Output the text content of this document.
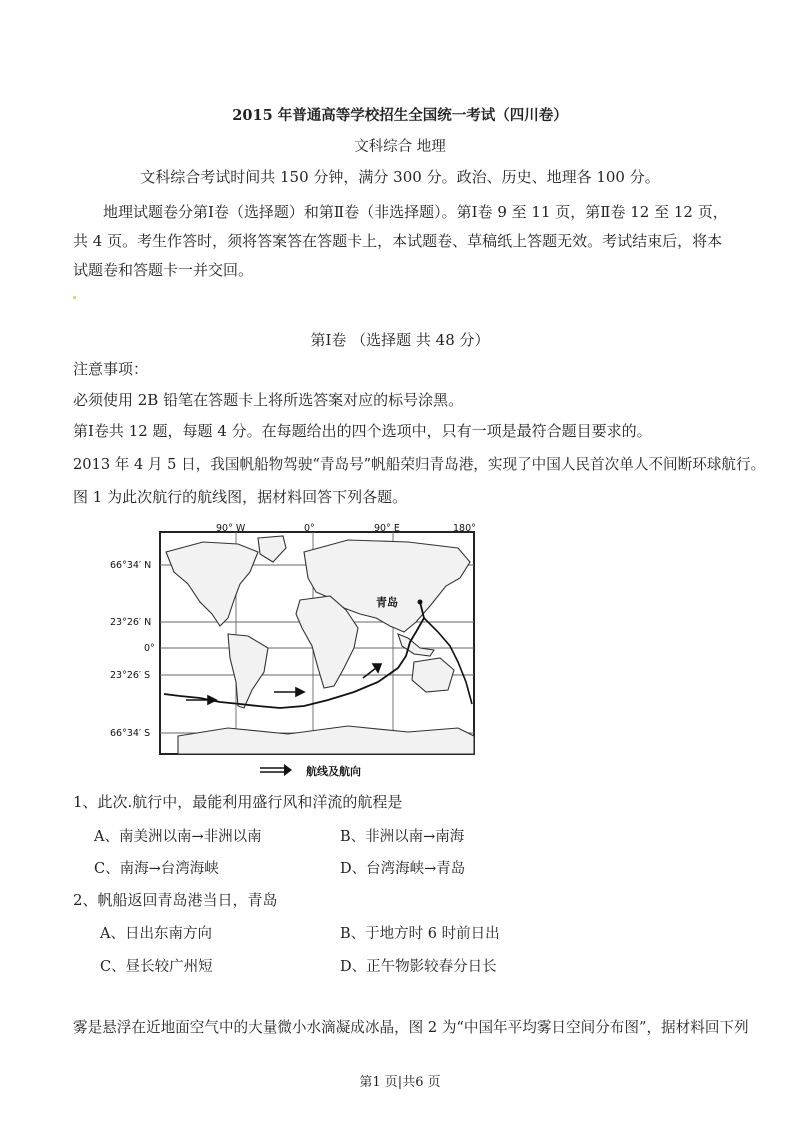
2015 年普通高等学校招生全国统一考试（四川卷）
文科综合 地理
文科综合考试时间共 150 分钟，满分 300 分。政治、历史、地理各 100 分。
地理试题卷分第Ⅰ卷（选择题）和第Ⅱ卷（非选择题）。第Ⅰ卷 9 至 11 页，第Ⅱ卷 12 至 12 页，共 4 页。考生作答时，须将答案答在答题卡上，本试题卷、草稿纸上答题无效。考试结束后，将本试题卷和答题卡一并交回。
第Ⅰ卷 （选择题 共 48 分）
注意事项：
必须使用 2B 铅笔在答题卡上将所选答案对应的标号涂黑。
第Ⅰ卷共 12 题，每题 4 分。在每题给出的四个选项中，只有一项是最符合题目要求的。
2013 年 4 月 5 日，我国帆船物驾驶“青岛号”帆船荣归青岛港，实现了中国人民首次单人不间断环球航行。
图 1 为此次航行的航线图，据材料回答下列各题。
青岛
90° W	0°	90° E	180°
66°34′ N
23°26′ N
0°
23°26′ S
66°34′ S
航线及航向
1、此次.航行中，最能利用盛行风和洋流的航程是
A、南美洲以南→非洲以南	B、非洲以南→南海
C、南海→台湾海峡	D、台湾海峡→青岛
2、帆船返回青岛港当日，青岛
A、日出东南方向	B、于地方时 6 时前日出
C、昼长较广州短	D、正午物影较春分日长
雾是悬浮在近地面空气中的大量微小水滴凝成冰晶，图 2 为“中国年平均雾日空间分布图”，据材料回下列
第1 页|共6 页
